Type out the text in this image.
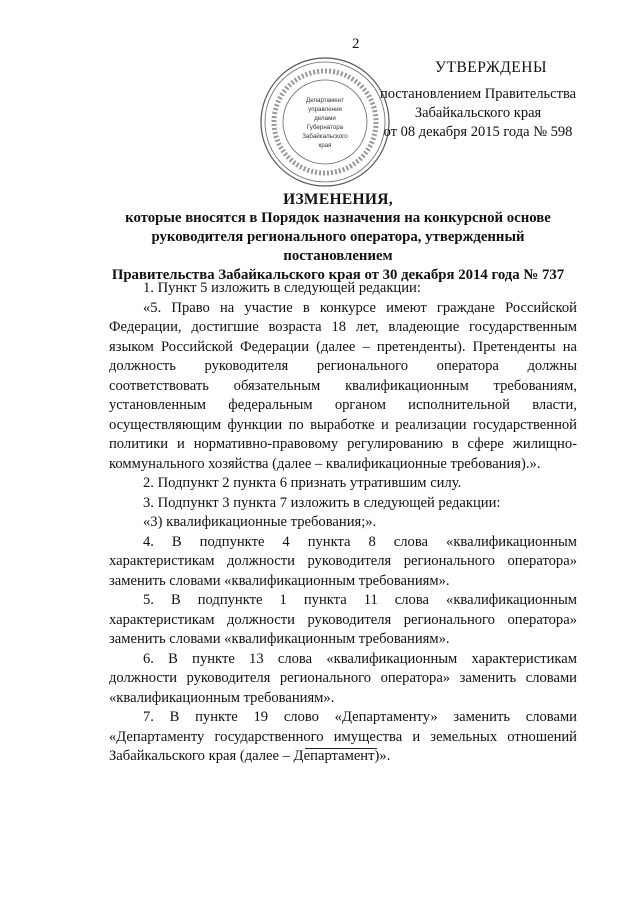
2
Департамент
управления
делами
Губернатора
Забайкальского
края
УТВЕРЖДЕНЫ
постановлением Правительства
Забайкальского края
от 08 декабря 2015 года № 598
ИЗМЕНЕНИЯ,
которые вносятся в Порядок назначения на конкурсной основе
руководителя регионального оператора, утвержденный постановлением
Правительства Забайкальского края от 30 декабря 2014 года № 737

1. Пункт 5 изложить в следующей редакции:

«5. Право на участие в конкурсе имеют граждане Российской Федерации, достигшие возраста 18 лет, владеющие государственным языком Российской Федерации (далее – претенденты). Претенденты на должность руководителя регионального оператора должны соответствовать обязательным квалификационным требованиям, установленным федеральным органом исполнительной власти, осуществляющим функции по выработке и реализации государственной политики и нормативно-правовому регулированию в сфере жилищно-коммунального хозяйства (далее – квалификационные требования).».

2. Подпункт 2 пункта 6 признать утратившим силу.

3. Подпункт 3 пункта 7 изложить в следующей редакции:

«3) квалификационные требования;».

4. В подпункте 4 пункта 8 слова «квалификационным характеристикам должности руководителя регионального оператора» заменить словами «квалификационным требованиям».

5. В подпункте 1 пункта 11 слова «квалификационным характеристикам должности руководителя регионального оператора» заменить словами «квалификационным требованиям».

6. В пункте 13 слова «квалификационным характеристикам должности руководителя регионального оператора» заменить словами «квалификационным требованиям».

7. В пункте 19 слово «Департаменту» заменить словами «Департаменту государственного имущества и земельных отношений Забайкальского края (далее – Департамент)».
